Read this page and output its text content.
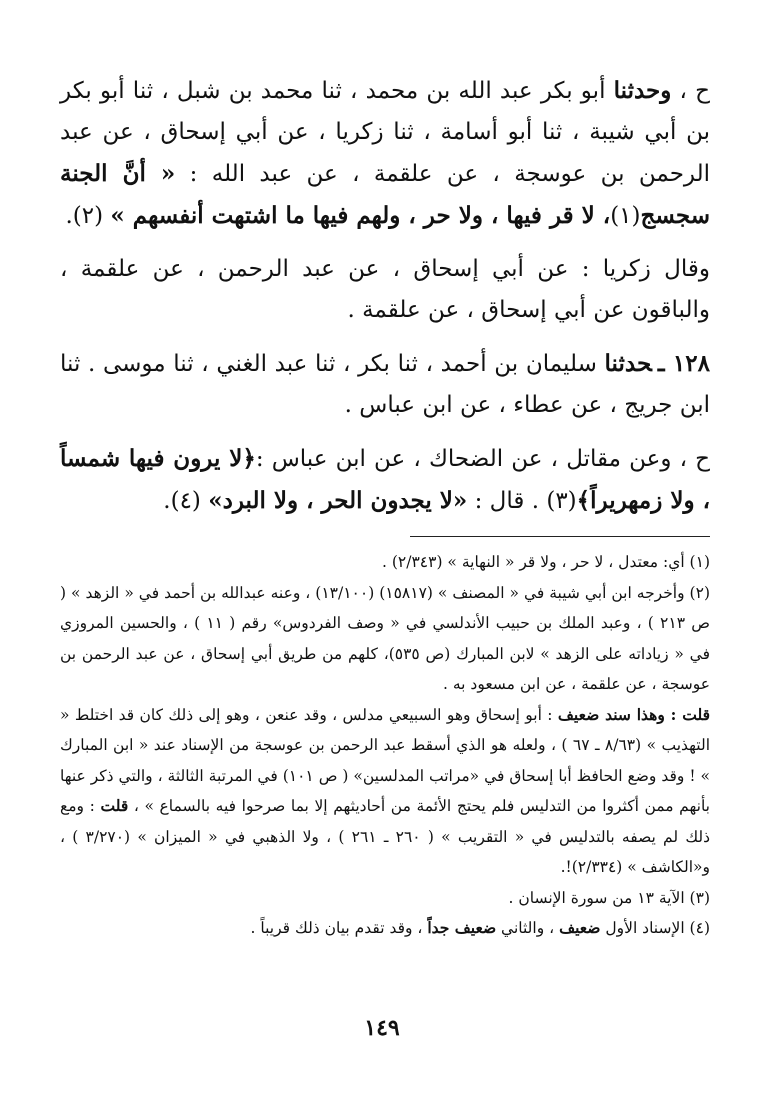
ح ، وحدثنا أبو بكر عبد الله بن محمد ، ثنا محمد بن شبل ، ثنا أبو بكر بن أبي شيبة ، ثنا أبو أسامة ، ثنا زكريا ، عن أبي إسحاق ، عن عبد الرحمن بن عوسجة ، عن علقمة ، عن عبد الله : « أنَّ الجنة سجسج(١)، لا قر فيها ، ولا حر ، ولهم فيها ما اشتهت أنفسهم » (٢).

وقال زكريا : عن أبي إسحاق ، عن عبد الرحمن ، عن علقمة ، والباقون عن أبي إسحاق ، عن علقمة .

١٢٨ ـحدثنا سليمان بن أحمد ، ثنا بكر ، ثنا عبد الغني ، ثنا موسى . ثنا ابن جريج ، عن عطاء ، عن ابن عباس .

ح ، وعن مقاتل ، عن الضحاك ، عن ابن عباس :﴿لا يرون فيها شمساً ، ولا زمهريراً﴾(٣) . قال : «لا يجدون الحر ، ولا البرد» (٤).

(١) أي: معتدل ، لا حر ، ولا قر « النهاية » (٢/٣٤٣) .

(٢) وأخرجه ابن أبي شيبة في « المصنف » (١٥٨١٧) (١٣/١٠٠) ، وعنه عبدالله بن أحمد في « الزهد » ( ص ٢١٣ ) ، وعبد الملك بن حبيب الأندلسي في « وصف الفردوس» رقم ( ١١ ) ، والحسين المروزي في « زياداته على الزهد » لابن المبارك (ص ٥٣٥)، كلهم من طريق أبي إسحاق ، عن عبد الرحمن بن عوسجة ، عن علقمة ، عن ابن مسعود به .

قلت : وهذا سند ضعيف : أبو إسحاق وهو السبيعي مدلس ، وقد عنعن ، وهو إلى ذلك كان قد اختلط « التهذيب » (٨/٦٣ ـ ٦٧ ) ، ولعله هو الذي أسقط عبد الرحمن بن عوسجة من الإسناد عند « ابن المبارك » ! وقد وضع الحافظ أبا إسحاق في «مراتب المدلسين» ( ص ١٠١) في المرتبة الثالثة ، والتي ذكر عنها بأنهم ممن أكثروا من التدليس فلم يحتج الأئمة من أحاديثهم إلا بما صرحوا فيه بالسماع » ، قلت : ومع ذلك لم يصفه بالتدليس في « التقريب » ( ٢٦٠ ـ ٢٦١ ) ، ولا الذهبي في « الميزان » (٣/٢٧٠ ) ، و«الكاشف » (٢/٣٣٤)!.

(٣) الآية ١٣ من سورة الإنسان .

(٤) الإسناد الأول ضعيف ، والثاني ضعيف جداً ، وقد تقدم بيان ذلك قريباً .

١٤٩
